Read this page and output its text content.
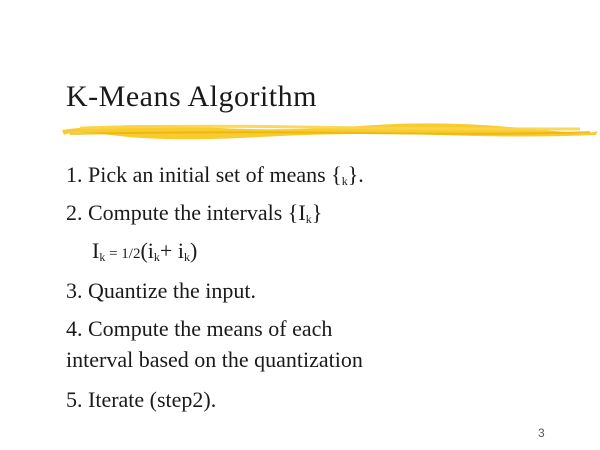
K-Means Algorithm
1. Pick an initial set of means $\{_k\}$.
2. Compute the intervals $\{I_k\}$
$I_k = 1/2(i_k+ i_k)$
3. Quantize the input.
4. Compute the means of each
interval based on the quantization
5. Iterate (step2).
3
